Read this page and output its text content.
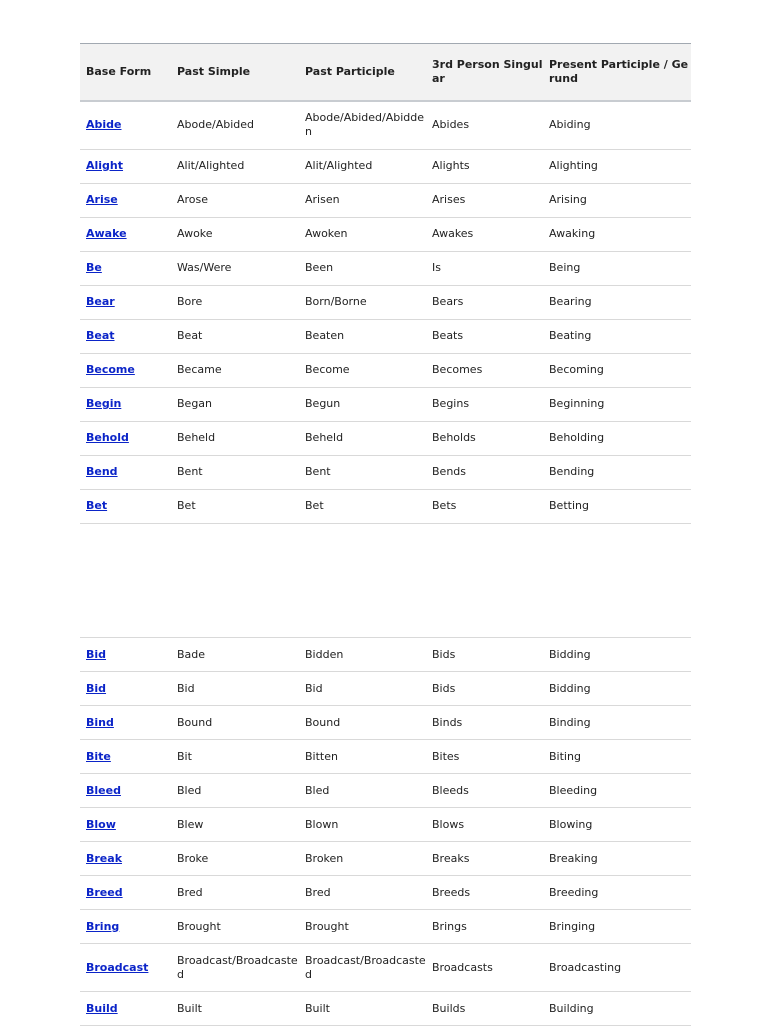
Base Form	Past Simple	Past Participle	3rd Person Singular	Present Participle / Gerund
Abide	Abode/Abided	Abode/Abided/Abidden	Abides	Abiding
Alight	Alit/Alighted	Alit/Alighted	Alights	Alighting
Arise	Arose	Arisen	Arises	Arising
Awake	Awoke	Awoken	Awakes	Awaking
Be	Was/Were	Been	Is	Being
Bear	Bore	Born/Borne	Bears	Bearing
Beat	Beat	Beaten	Beats	Beating
Become	Became	Become	Becomes	Becoming
Begin	Began	Begun	Begins	Beginning
Behold	Beheld	Beheld	Beholds	Beholding
Bend	Bent	Bent	Bends	Bending
Bet	Bet	Bet	Bets	Betting
Bid	Bade	Bidden	Bids	Bidding
Bid	Bid	Bid	Bids	Bidding
Bind	Bound	Bound	Binds	Binding
Bite	Bit	Bitten	Bites	Biting
Bleed	Bled	Bled	Bleeds	Bleeding
Blow	Blew	Blown	Blows	Blowing
Break	Broke	Broken	Breaks	Breaking
Breed	Bred	Bred	Breeds	Breeding
Bring	Brought	Brought	Brings	Bringing
Broadcast	Broadcast/Broadcasted	Broadcast/Broadcasted	Broadcasts	Broadcasting
Build	Built	Built	Builds	Building
